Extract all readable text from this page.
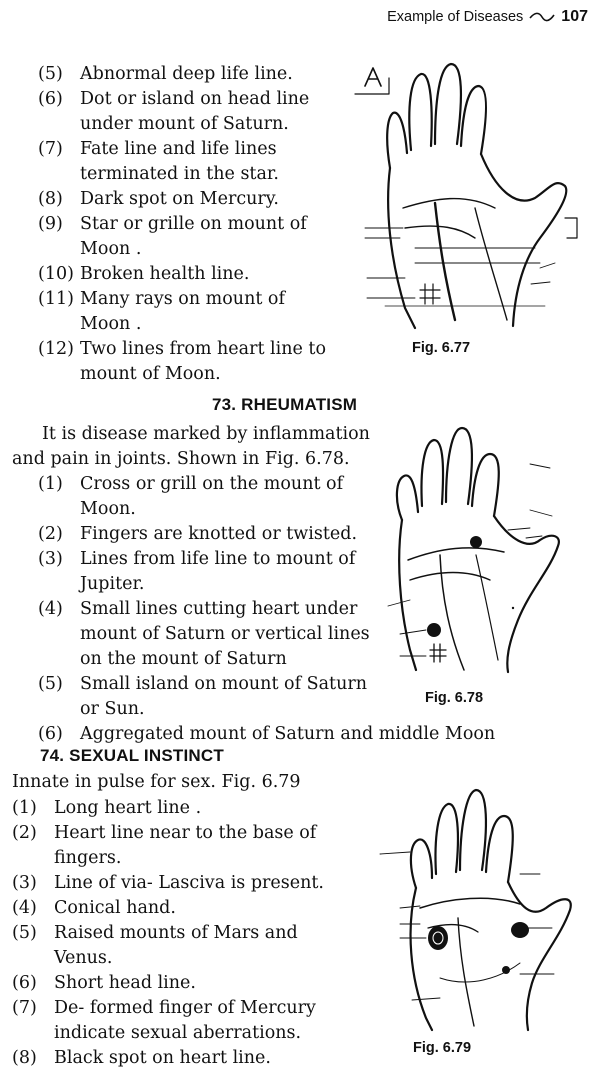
Example of Diseases 107
(5) Abnormal deep life line.
(6) Dot or island on head line
under mount of Saturn.
(7) Fate line and life lines
terminated in the star.
(8) Dark spot on Mercury.
(9) Star or grille on mount of
Moon .
(10) Broken health line.
(11) Many rays on mount of
Moon .
(12) Two lines from heart line to
mount of Moon.
Fig. 6.77
73. RHEUMATISM

It is disease marked by inflammation
and pain in joints. Shown in Fig. 6.78.

(1) Cross or grill on the mount of
Moon.
(2) Fingers are knotted or twisted.
(3) Lines from life line to mount of
Jupiter.
(4) Small lines cutting heart under
mount of Saturn or vertical lines
on the mount of Saturn
(5) Small island on mount of Saturn
or Sun.
(6) Aggregated mount of Saturn and middle Moon
Fig. 6.78
74. SEXUAL INSTINCT

Innate in pulse for sex. Fig. 6.79

(1) Long heart line .
(2) Heart line near to the base of
fingers.
(3) Line of via- Lasciva is present.
(4) Conical hand.
(5) Raised mounts of Mars and
Venus.
(6) Short head line.
(7) De- formed finger of Mercury
indicate sexual aberrations.
(8) Black spot on heart line.	Fig. 6.79
